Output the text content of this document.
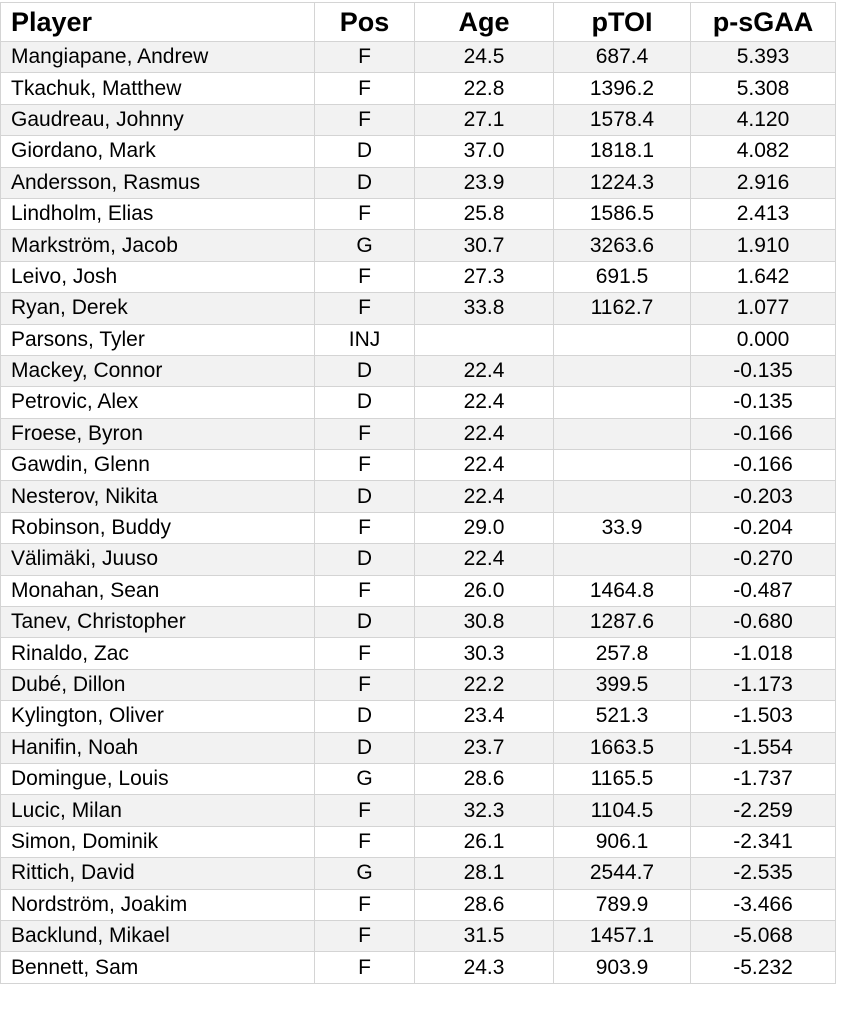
Player	Pos	Age	pTOI	p-sGAA
Mangiapane, Andrew	F	24.5	687.4	5.393
Tkachuk, Matthew	F	22.8	1396.2	5.308
Gaudreau, Johnny	F	27.1	1578.4	4.120
Giordano, Mark	D	37.0	1818.1	4.082
Andersson, Rasmus	D	23.9	1224.3	2.916
Lindholm, Elias	F	25.8	1586.5	2.413
Markström, Jacob	G	30.7	3263.6	1.910
Leivo, Josh	F	27.3	691.5	1.642
Ryan, Derek	F	33.8	1162.7	1.077
Parsons, Tyler	INJ			0.000
Mackey, Connor	D	22.4		-0.135
Petrovic, Alex	D	22.4		-0.135
Froese, Byron	F	22.4		-0.166
Gawdin, Glenn	F	22.4		-0.166
Nesterov, Nikita	D	22.4		-0.203
Robinson, Buddy	F	29.0	33.9	-0.204
Välimäki, Juuso	D	22.4		-0.270
Monahan, Sean	F	26.0	1464.8	-0.487
Tanev, Christopher	D	30.8	1287.6	-0.680
Rinaldo, Zac	F	30.3	257.8	-1.018
Dubé, Dillon	F	22.2	399.5	-1.173
Kylington, Oliver	D	23.4	521.3	-1.503
Hanifin, Noah	D	23.7	1663.5	-1.554
Domingue, Louis	G	28.6	1165.5	-1.737
Lucic, Milan	F	32.3	1104.5	-2.259
Simon, Dominik	F	26.1	906.1	-2.341
Rittich, David	G	28.1	2544.7	-2.535
Nordström, Joakim	F	28.6	789.9	-3.466
Backlund, Mikael	F	31.5	1457.1	-5.068
Bennett, Sam	F	24.3	903.9	-5.232
